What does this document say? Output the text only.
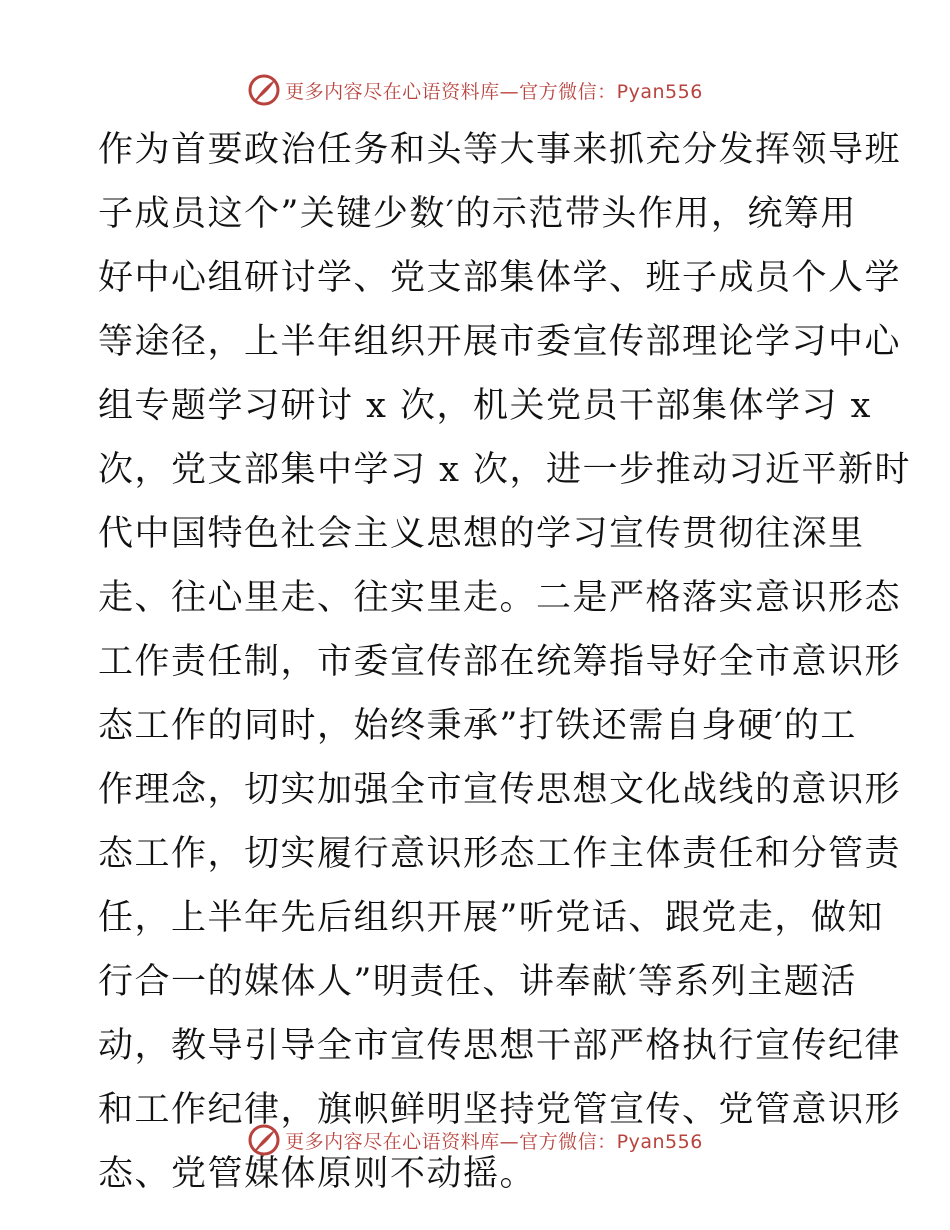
更多内容尽在心语资料库—官方微信：Pyan556
作为首要政治任务和头等大事来抓充分发挥领导班
子成员这个”关键少数′的示范带头作用，统筹用
好中心组研讨学、党支部集体学、班子成员个人学
等途径，上半年组织开展市委宣传部理论学习中心
组专题学习研讨 x 次，机关党员干部集体学习 x
次，党支部集中学习 x 次，进一步推动习近平新时
代中国特色社会主义思想的学习宣传贯彻往深里
走、往心里走、往实里走。二是严格落实意识形态
工作责任制，市委宣传部在统筹指导好全市意识形
态工作的同时，始终秉承”打铁还需自身硬′的工
作理念，切实加强全市宣传思想文化战线的意识形
态工作，切实履行意识形态工作主体责任和分管责
任，上半年先后组织开展”听党话、跟党走，做知
行合一的媒体人”明责任、讲奉献′等系列主题活
动，教导引导全市宣传思想干部严格执行宣传纪律
和工作纪律，旗帜鲜明坚持党管宣传、党管意识形
态、党管媒体原则不动摇。
更多内容尽在心语资料库—官方微信：Pyan556
